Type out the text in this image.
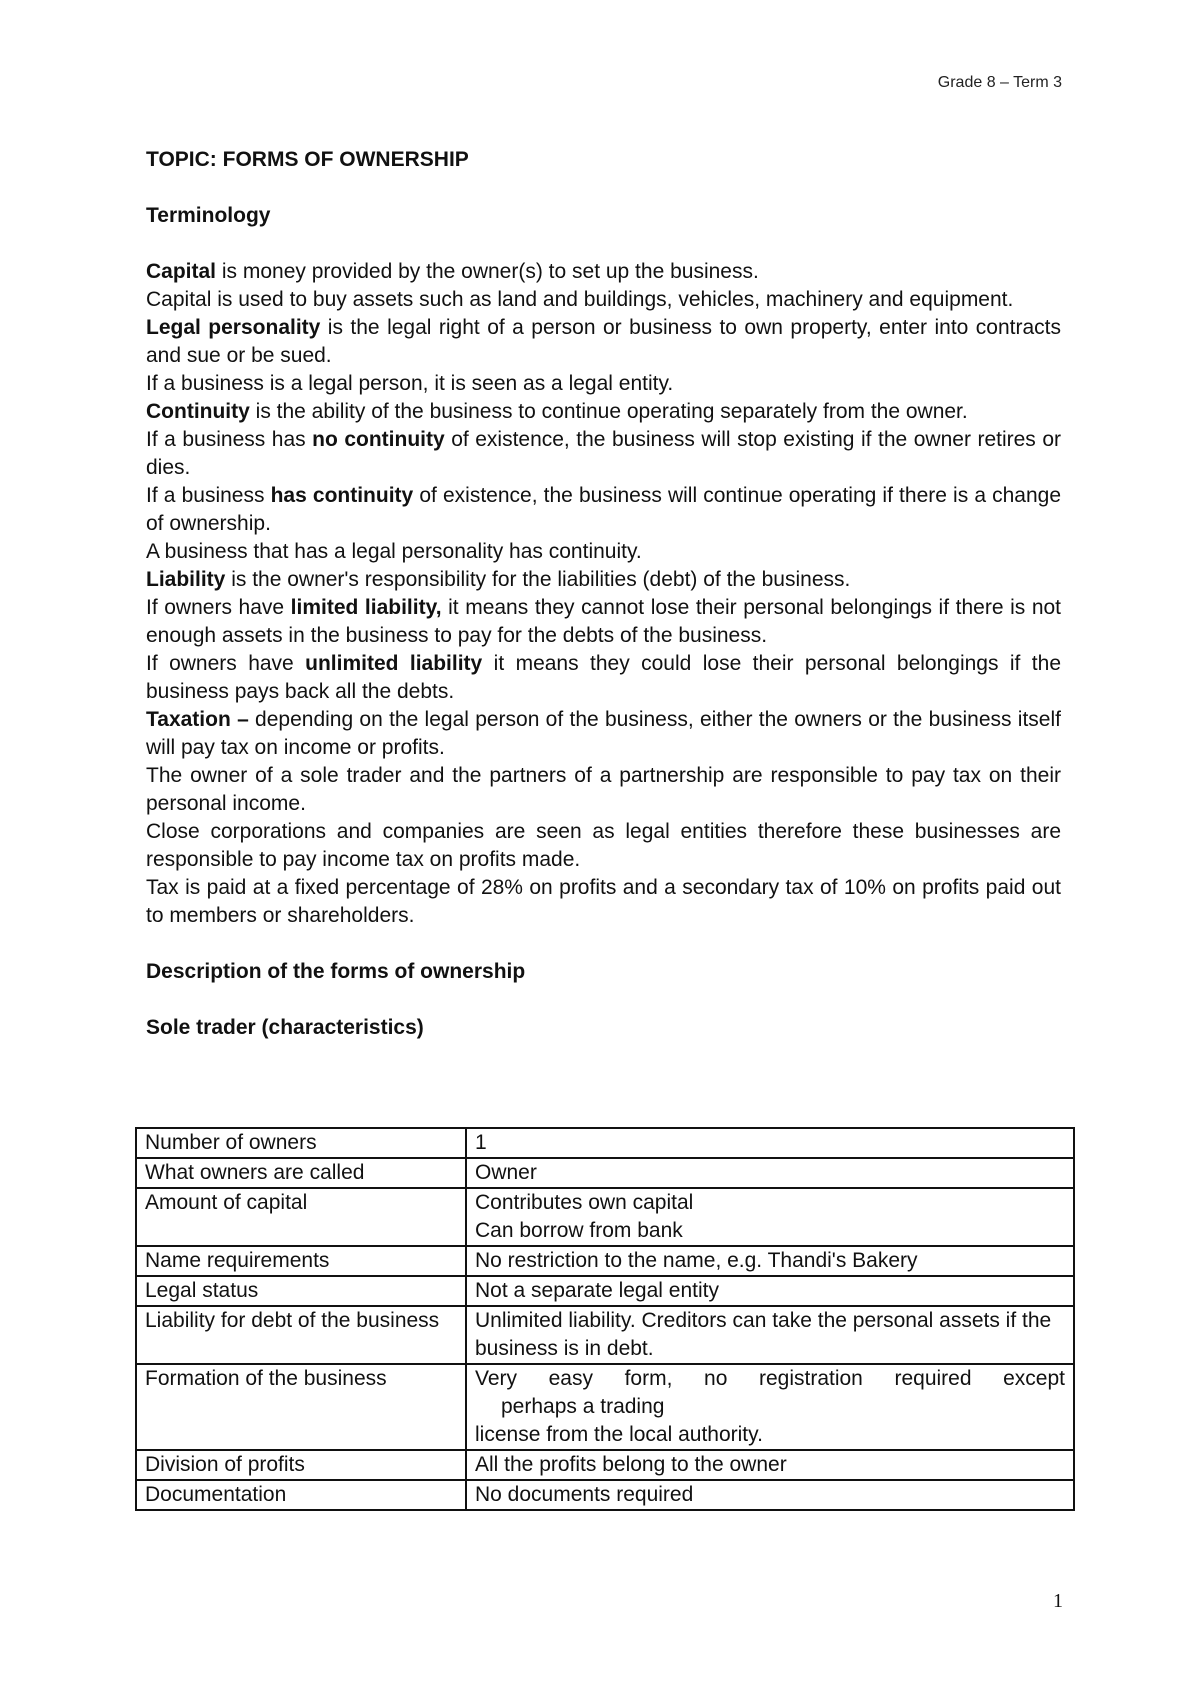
Grade 8 – Term 3

TOPIC: FORMS OF OWNERSHIP

Terminology

Capital is money provided by the owner(s) to set up the business.

Capital is used to buy assets such as land and buildings, vehicles, machinery and equipment.

Legal personality is the legal right of a person or business to own property, enter into contracts and sue or be sued.

If a business is a legal person, it is seen as a legal entity.

Continuity is the ability of the business to continue operating separately from the owner.

If a business has no continuity of existence, the business will stop existing if the owner retires or dies.

If a business has continuity of existence, the business will continue operating if there is a change of ownership.

A business that has a legal personality has continuity.

Liability is the owner's responsibility for the liabilities (debt) of the business.

If owners have limited liability, it means they cannot lose their personal belongings if there is not enough assets in the business to pay for the debts of the business.

If owners have unlimited liability it means they could lose their personal belongings if the business pays back all the debts.

Taxation – depending on the legal person of the business, either the owners or the business itself will pay tax on income or profits.

The owner of a sole trader and the partners of a partnership are responsible to pay tax on their personal income.

Close corporations and companies are seen as legal entities therefore these businesses are responsible to pay income tax on profits made.

Tax is paid at a fixed percentage of 28% on profits and a secondary tax of 10% on profits paid out to members or shareholders.

Description of the forms of ownership

Sole trader (characteristics)

Number of owners	1
What owners are called	Owner
Amount of capital	Contributes own capital
Can borrow from bank

Name requirements	No restriction to the name, e.g. Thandi's Bakery
Legal status	Not a separate legal entity
Liability for debt of the business	Unlimited liability. Creditors can take the personal assets if the business is in debt.
Formation of the business	Very easy form, no registration required except
perhaps a trading
license from the local authority.

Division of profits	All the profits belong to the owner
Documentation	No documents required
1
